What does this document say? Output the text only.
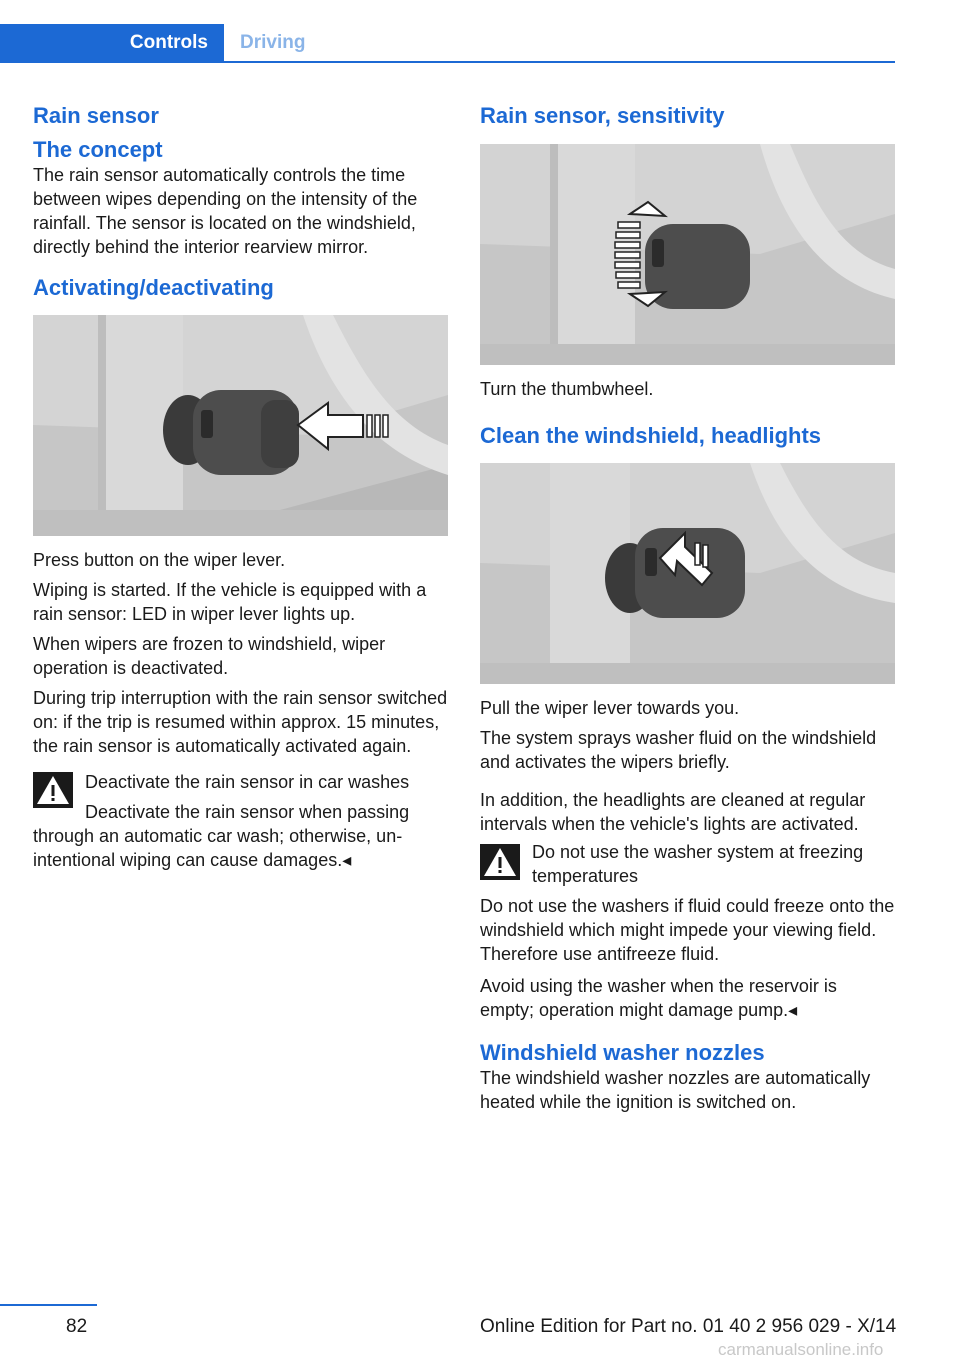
Controls Driving
Rain sensor
The concept

The rain sensor automatically controls the time between wipes depending on the intensity of the rainfall. The sensor is located on the windshield, directly behind the interior rearview mirror.

Activating/deactivating

Press button on the wiper lever.

Wiping is started. If the vehicle is equipped with a rain sensor: LED in wiper lever lights up.

When wipers are frozen to windshield, wiper operation is deactivated.

During trip interruption with the rain sensor switched on: if the trip is resumed within approx. 15 minutes, the rain sensor is automatically activated again.

Deactivate the rain sensor in car washes

Deactivate the rain sensor when passing
through an automatic car wash; otherwise, unintentional wiping can cause damages.◂
Rain sensor, sensitivity

Turn the thumbwheel.

Clean the windshield, headlights

Pull the wiper lever towards you.

The system sprays washer fluid on the windshield and activates the wipers briefly.

In addition, the headlights are cleaned at regular intervals when the vehicle's lights are activated.

Do not use the washer system at freezing temperatures

Do not use the washers if fluid could freeze onto the windshield which might impede your viewing field. Therefore use antifreeze fluid.

Avoid using the washer when the reservoir is empty; operation might damage pump.◂

Windshield washer nozzles

The windshield washer nozzles are automatically heated while the ignition is switched on.

82	Online Edition for Part no. 01 40 2 956 029 - X/14
carmanualsonline.info
